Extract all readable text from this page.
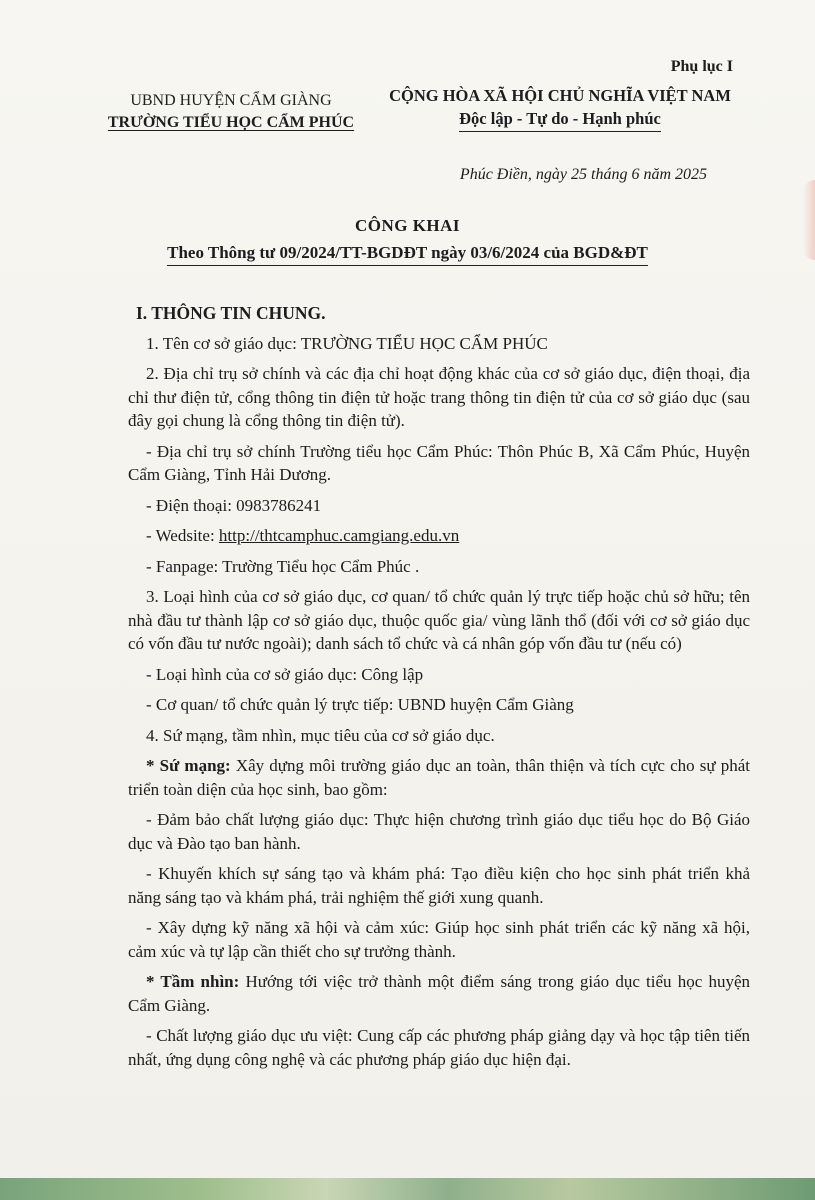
Phụ lục I
UBND HUYỆN CẨM GIÀNG
TRƯỜNG TIỂU HỌC CẨM PHÚC
CỘNG HÒA XÃ HỘI CHỦ NGHĨA VIỆT NAM
Độc lập - Tự do - Hạnh phúc
Phúc Điền, ngày 25 tháng 6 năm 2025
CÔNG KHAI
Theo Thông tư 09/2024/TT-BGDĐT ngày 03/6/2024 của BGD&ĐT
I. THÔNG TIN CHUNG.

1. Tên cơ sở giáo dục: TRƯỜNG TIỂU HỌC CẨM PHÚC

2. Địa chỉ trụ sở chính và các địa chỉ hoạt động khác của cơ sở giáo dục, điện thoại, địa chỉ thư điện tử, cổng thông tin điện tử hoặc trang thông tin điện tử của cơ sở giáo dục (sau đây gọi chung là cổng thông tin điện tử).

- Địa chỉ trụ sở chính Trường tiểu học Cẩm Phúc: Thôn Phúc B, Xã Cẩm Phúc, Huyện Cẩm Giàng, Tỉnh Hải Dương.

- Điện thoại: 0983786241

- Wedsite: http://thtcamphuc.camgiang.edu.vn

- Fanpage: Trường Tiểu học Cẩm Phúc .

3. Loại hình của cơ sở giáo dục, cơ quan/ tổ chức quản lý trực tiếp hoặc chủ sở hữu; tên nhà đầu tư thành lập cơ sở giáo dục, thuộc quốc gia/ vùng lãnh thổ (đối với cơ sở giáo dục có vốn đầu tư nước ngoài); danh sách tổ chức và cá nhân góp vốn đầu tư (nếu có)

- Loại hình của cơ sở giáo dục: Công lập

- Cơ quan/ tổ chức quản lý trực tiếp: UBND huyện Cẩm Giàng

4. Sứ mạng, tầm nhìn, mục tiêu của cơ sở giáo dục.

* Sứ mạng: Xây dựng môi trường giáo dục an toàn, thân thiện và tích cực cho sự phát triển toàn diện của học sinh, bao gồm:

- Đảm bảo chất lượng giáo dục: Thực hiện chương trình giáo dục tiểu học do Bộ Giáo dục và Đào tạo ban hành.

- Khuyến khích sự sáng tạo và khám phá: Tạo điều kiện cho học sinh phát triển khả năng sáng tạo và khám phá, trải nghiệm thế giới xung quanh.

- Xây dựng kỹ năng xã hội và cảm xúc: Giúp học sinh phát triển các kỹ năng xã hội, cảm xúc và tự lập cần thiết cho sự trưởng thành.

* Tầm nhìn: Hướng tới việc trở thành một điểm sáng trong giáo dục tiểu học huyện Cẩm Giàng.

- Chất lượng giáo dục ưu việt: Cung cấp các phương pháp giảng dạy và học tập tiên tiến nhất, ứng dụng công nghệ và các phương pháp giáo dục hiện đại.
